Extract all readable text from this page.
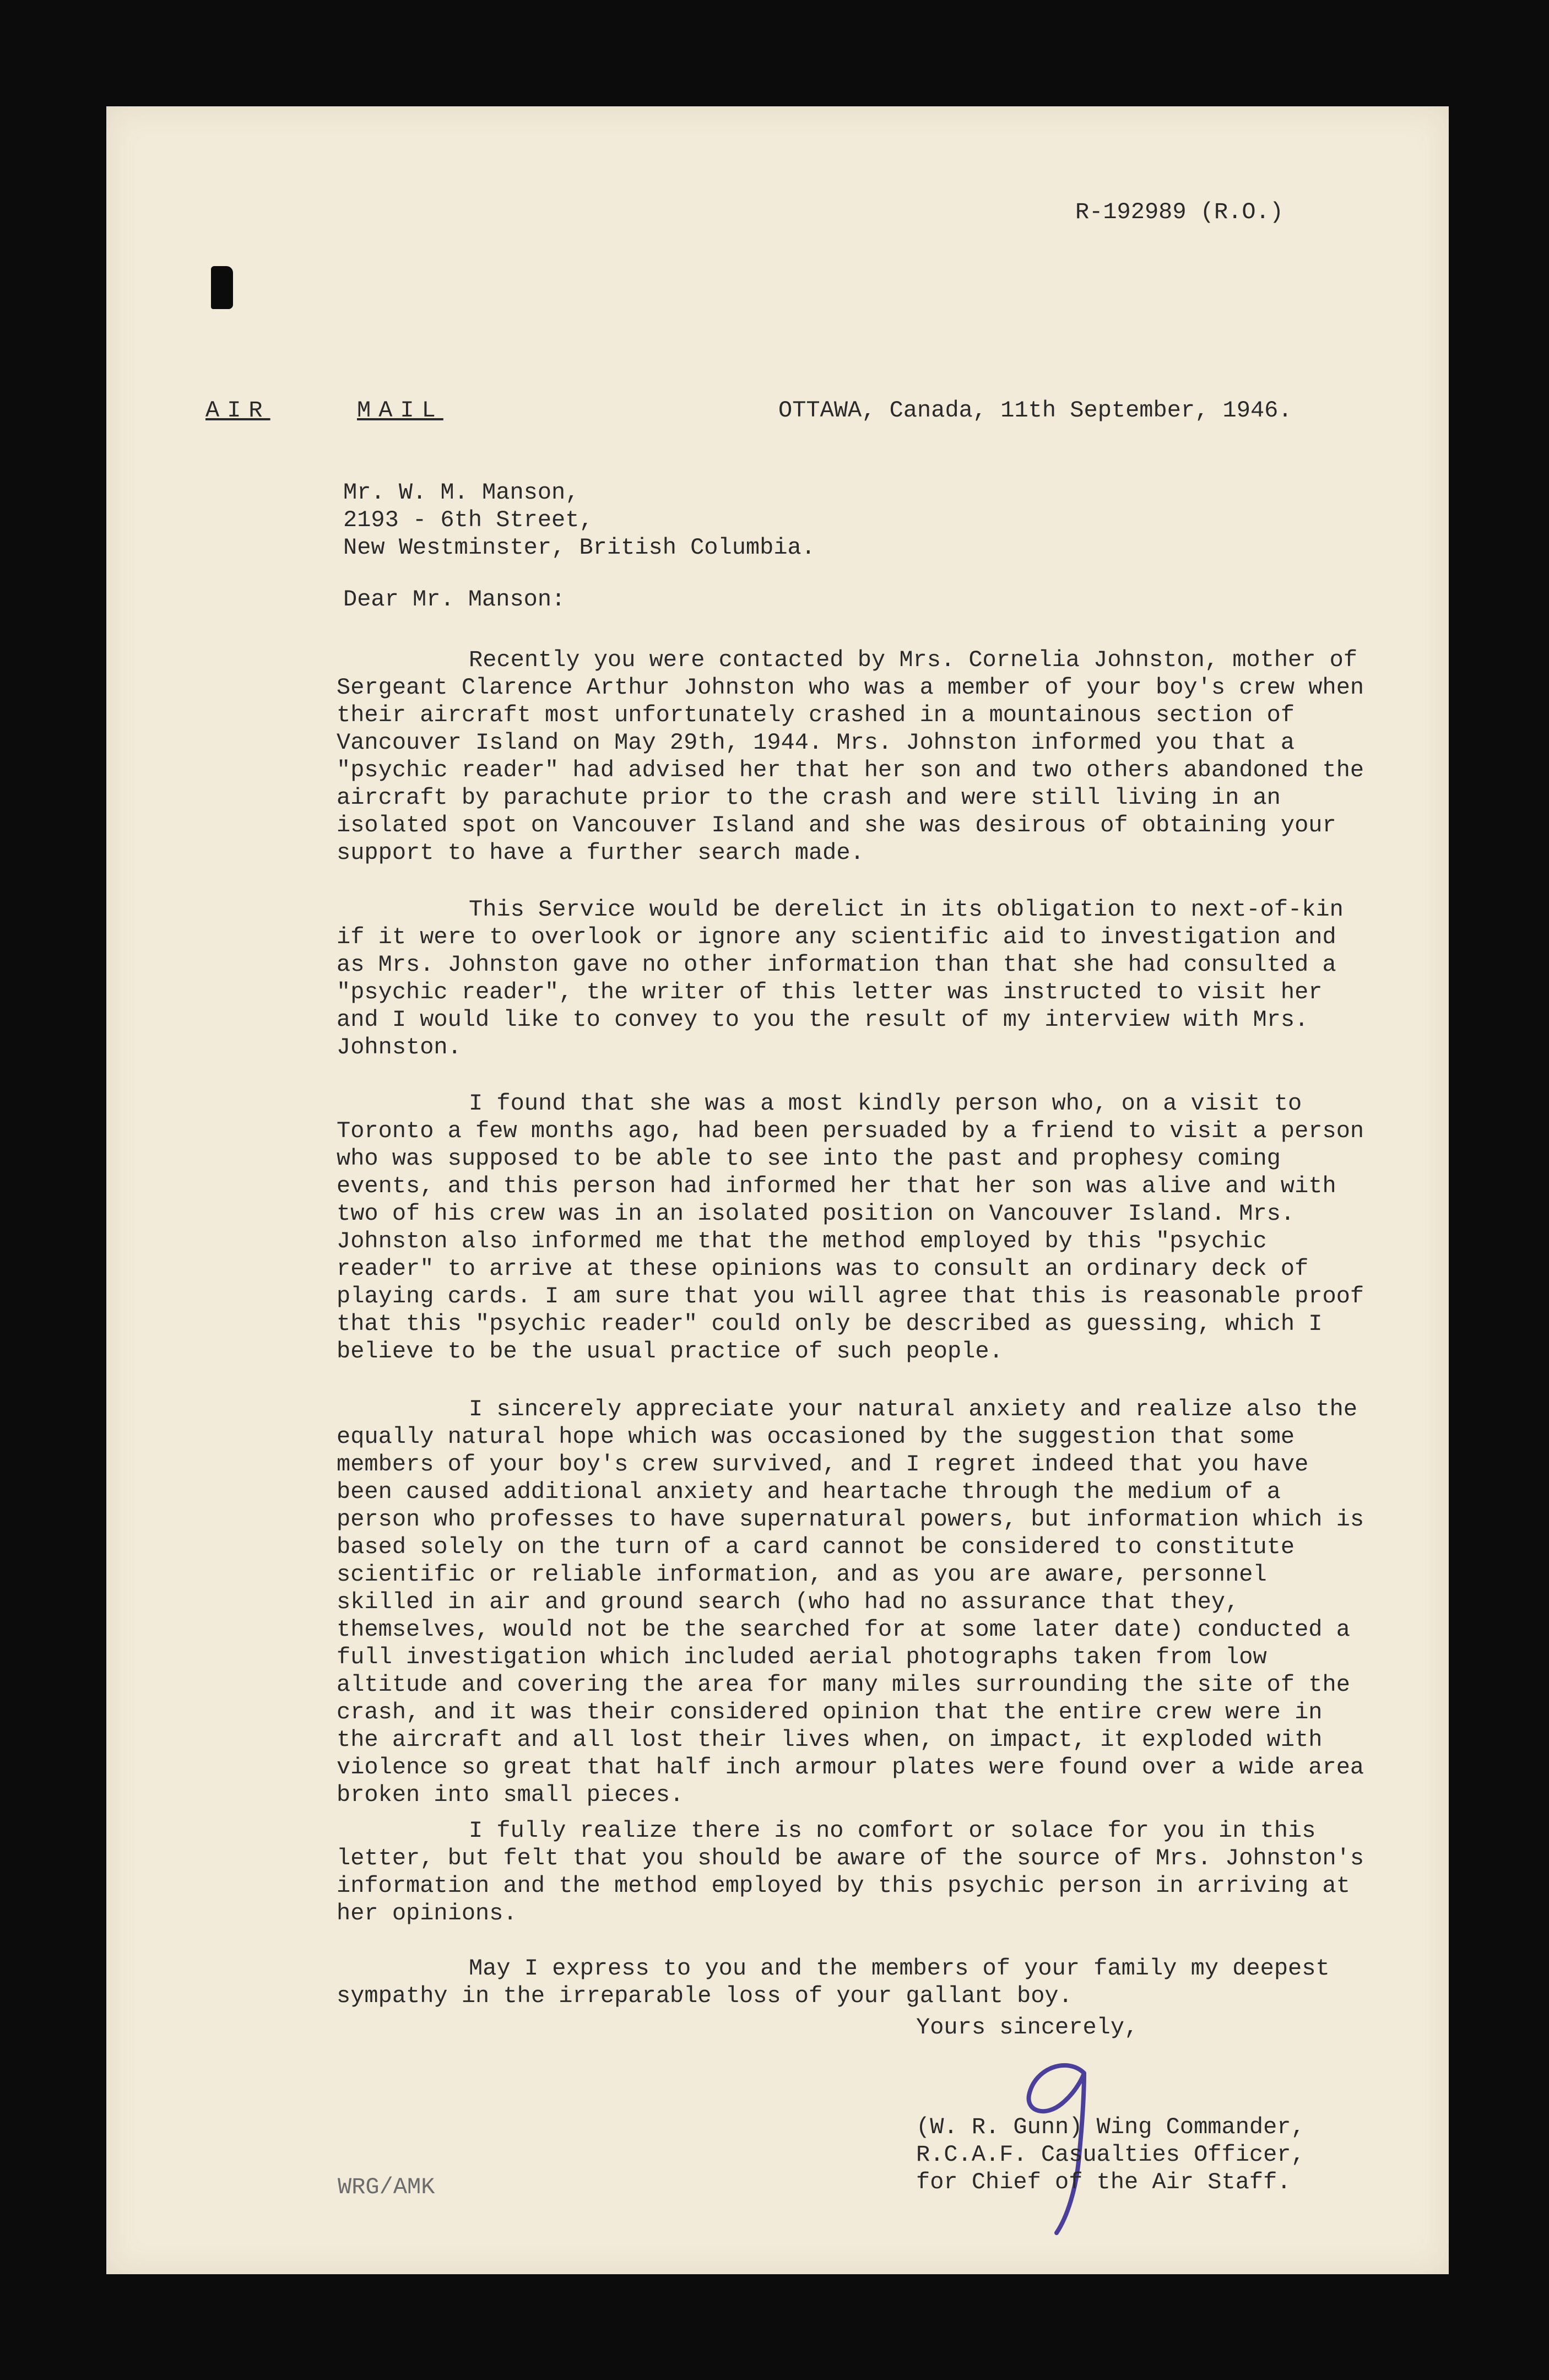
R-192989 (R.O.)
AIR	MAIL	OTTAWA, Canada, 11th September, 1946.
Mr. W. M. Manson,
2193 - 6th Street,
New Westminster, British Columbia.
Dear Mr. Manson:
Recently you were contacted by Mrs. Cornelia Johnston, mother of Sergeant Clarence Arthur Johnston who was a member of your boy's crew when their aircraft most unfortunately crashed in a mountainous section of Vancouver Island on May 29th, 1944. Mrs. Johnston informed you that a "psychic reader" had advised her that her son and two others abandoned the aircraft by parachute prior to the crash and were still living in an isolated spot on Vancouver Island and she was desirous of obtaining your support to have a further search made.
This Service would be derelict in its obligation to next-of-kin if it were to overlook or ignore any scientific aid to investigation and as Mrs. Johnston gave no other information than that she had consulted a "psychic reader", the writer of this letter was instructed to visit her and I would like to convey to you the result of my interview with Mrs. Johnston.
I found that she was a most kindly person who, on a visit to Toronto a few months ago, had been persuaded by a friend to visit a person who was supposed to be able to see into the past and prophesy coming events, and this person had informed her that her son was alive and with two of his crew was in an isolated position on Vancouver Island. Mrs. Johnston also informed me that the method employed by this "psychic reader" to arrive at these opinions was to consult an ordinary deck of playing cards. I am sure that you will agree that this is reasonable proof that this "psychic reader" could only be described as guessing, which I believe to be the usual practice of such people.
I sincerely appreciate your natural anxiety and realize also the equally natural hope which was occasioned by the suggestion that some members of your boy's crew survived, and I regret indeed that you have been caused additional anxiety and heartache through the medium of a person who professes to have supernatural powers, but information which is based solely on the turn of a card cannot be considered to constitute scientific or reliable information, and as you are aware, personnel skilled in air and ground search (who had no assurance that they, themselves, would not be the searched for at some later date) conducted a full investigation which included aerial photographs taken from low altitude and covering the area for many miles surrounding the site of the crash, and it was their considered opinion that the entire crew were in the aircraft and all lost their lives when, on impact, it exploded with violence so great that half inch armour plates were found over a wide area broken into small pieces.
I fully realize there is no comfort or solace for you in this letter, but felt that you should be aware of the source of Mrs. Johnston's information and the method employed by this psychic person in arriving at her opinions.
May I express to you and the members of your family my deepest sympathy in the irreparable loss of your gallant boy.
Yours sincerely,
(W. R. Gunn) Wing Commander,
R.C.A.F. Casualties Officer,
for Chief of the Air Staff.
WRG/AMK
